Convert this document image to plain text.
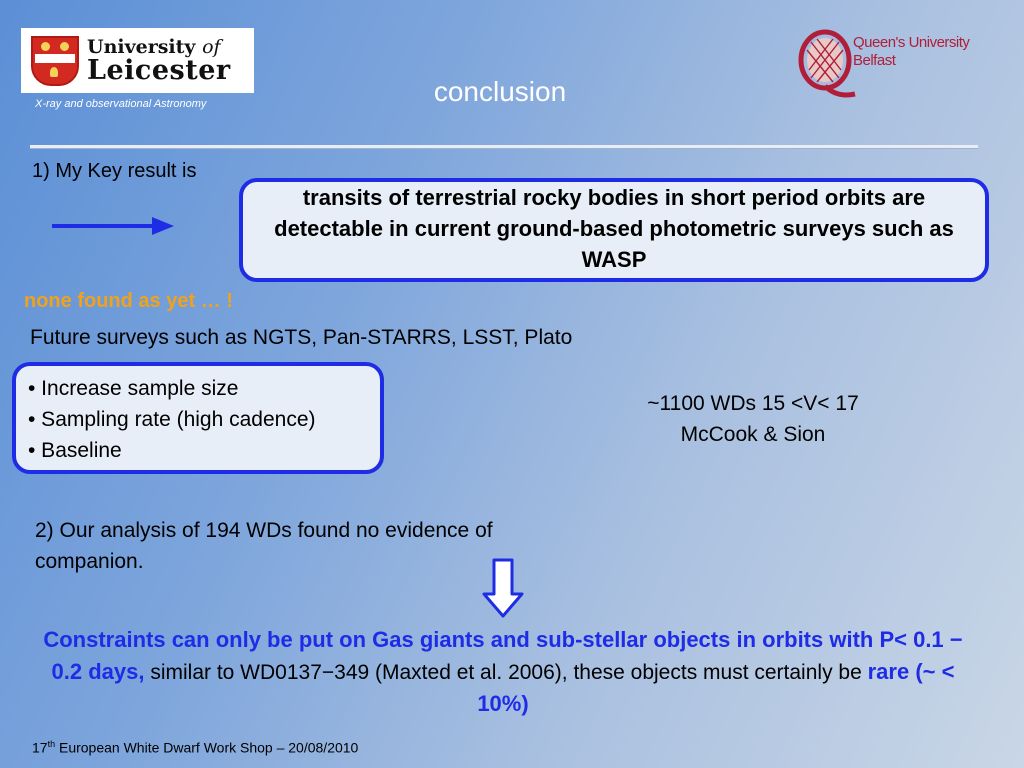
University of
Leicester
X-ray and observational Astronomy	conclusion
Queen's University
Belfast
1) My Key result is
transits of terrestrial rocky bodies in short period orbits are detectable in current ground-based photometric surveys such as WASP
none found as yet … !
Future surveys such as NGTS, Pan-STARRS, LSST, Plato
• Increase sample size
• Sampling rate (high cadence)
• Baseline
~1100 WDs 15 <V< 17
McCook & Sion
2) Our analysis of 194 WDs found no evidence of companion.
Constraints can only be put on Gas giants and sub-stellar objects in orbits with P< 0.1 − 0.2 days, similar to WD0137−349 (Maxted et al. 2006), these objects must certainly be rare (~ < 10%)
17th European White Dwarf Work Shop – 20/08/2010
